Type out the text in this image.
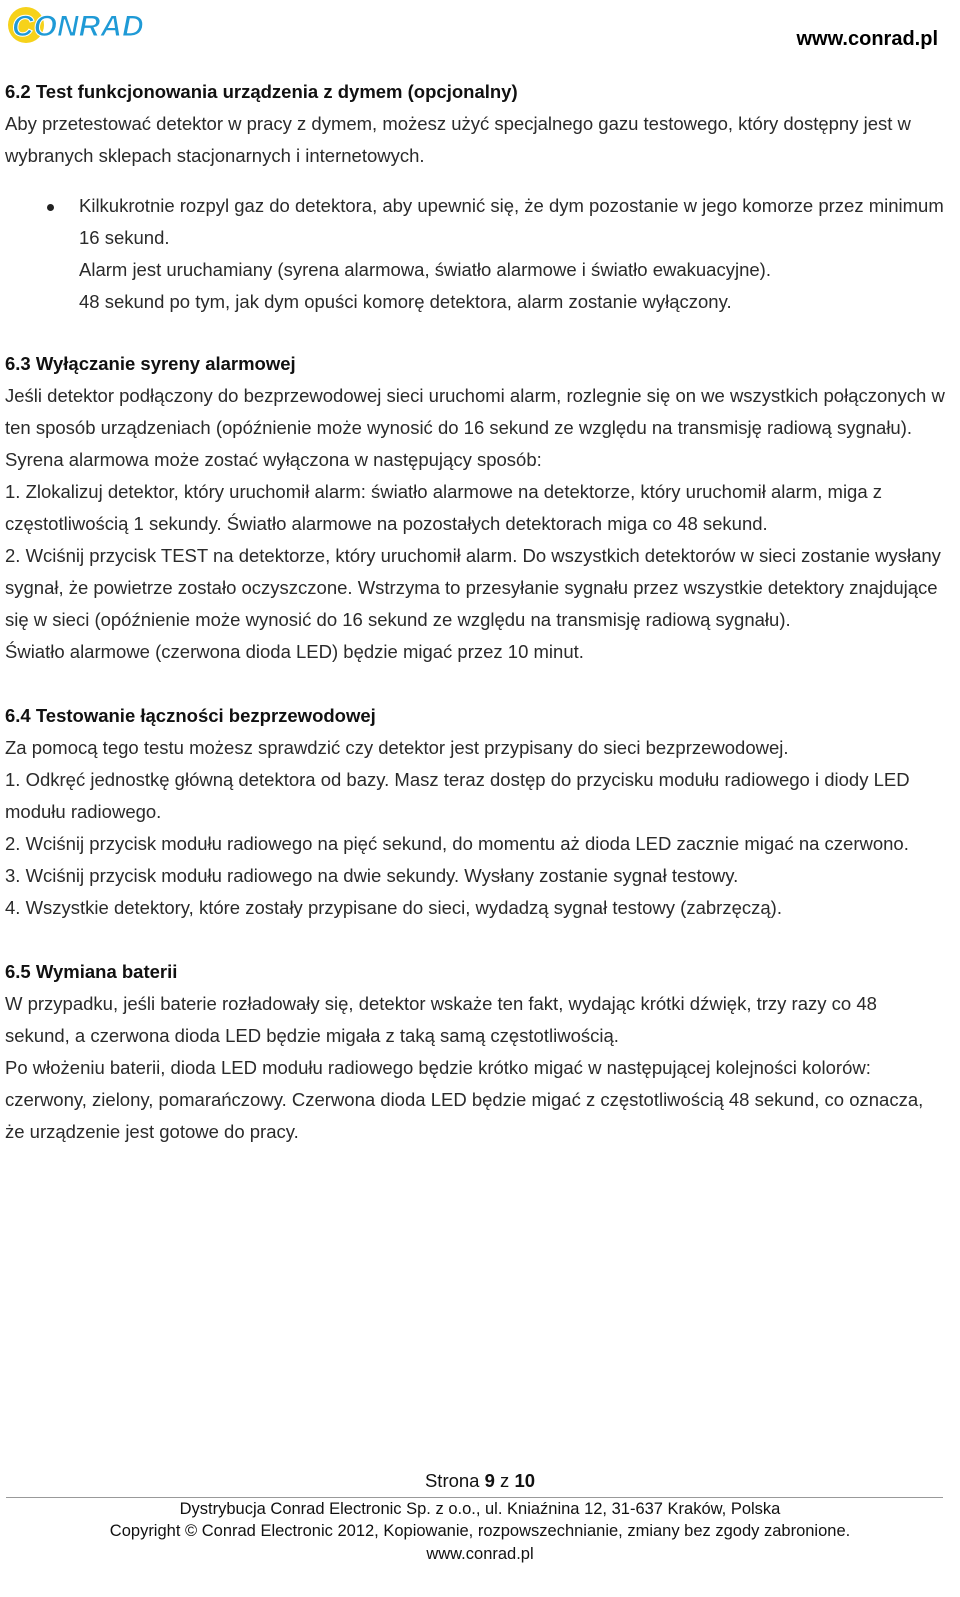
CONRAD	www.conrad.pl
6.2 Test funkcjonowania urządzenia z dymem (opcjonalny)
Aby przetestować detektor w pracy z dymem, możesz użyć specjalnego gazu testowego, który dostępny jest w wybranych sklepach stacjonarnych i internetowych.
Kilkukrotnie rozpyl gaz do detektora, aby upewnić się, że dym pozostanie w jego komorze przez minimum 16 sekund.
Alarm jest uruchamiany (syrena alarmowa, światło alarmowe i światło ewakuacyjne).
48 sekund po tym, jak dym opuści komorę detektora, alarm zostanie wyłączony.
6.3 Wyłączanie syreny alarmowej
Jeśli detektor podłączony do bezprzewodowej sieci uruchomi alarm, rozlegnie się on we wszystkich połączonych w ten sposób urządzeniach (opóźnienie może wynosić do 16 sekund ze względu na transmisję radiową sygnału). Syrena alarmowa może zostać wyłączona w następujący sposób:
1. Zlokalizuj detektor, który uruchomił alarm: światło alarmowe na detektorze, który uruchomił alarm, miga z częstotliwością 1 sekundy. Światło alarmowe na pozostałych detektorach miga co 48 sekund.
2. Wciśnij przycisk TEST na detektorze, który uruchomił alarm. Do wszystkich detektorów w sieci zostanie wysłany sygnał, że powietrze zostało oczyszczone. Wstrzyma to przesyłanie sygnału przez wszystkie detektory znajdujące się w sieci (opóźnienie może wynosić do 16 sekund ze względu na transmisję radiową sygnału).
Światło alarmowe (czerwona dioda LED) będzie migać przez 10 minut.
6.4 Testowanie łączności bezprzewodowej
Za pomocą tego testu możesz sprawdzić czy detektor jest przypisany do sieci bezprzewodowej.
1. Odkręć jednostkę główną detektora od bazy. Masz teraz dostęp do przycisku modułu radiowego i diody LED modułu radiowego.
2. Wciśnij przycisk modułu radiowego na pięć sekund, do momentu aż dioda LED zacznie migać na czerwono.
3. Wciśnij przycisk modułu radiowego na dwie sekundy. Wysłany zostanie sygnał testowy.
4. Wszystkie detektory, które zostały przypisane do sieci, wydadzą sygnał testowy (zabrzęczą).
6.5 Wymiana baterii
W przypadku, jeśli baterie rozładowały się, detektor wskaże ten fakt, wydając krótki dźwięk, trzy razy co 48 sekund, a czerwona dioda LED będzie migała z taką samą częstotliwością.
Po włożeniu baterii, dioda LED modułu radiowego będzie krótko migać w następującej kolejności kolorów: czerwony, zielony, pomarańczowy. Czerwona dioda LED będzie migać z częstotliwością 48 sekund, co oznacza, że urządzenie jest gotowe do pracy.
Strona 9 z 10
Dystrybucja Conrad Electronic Sp. z o.o., ul. Kniaźnina 12, 31-637 Kraków, Polska
Copyright © Conrad Electronic 2012, Kopiowanie, rozpowszechnianie, zmiany bez zgody zabronione.
www.conrad.pl
